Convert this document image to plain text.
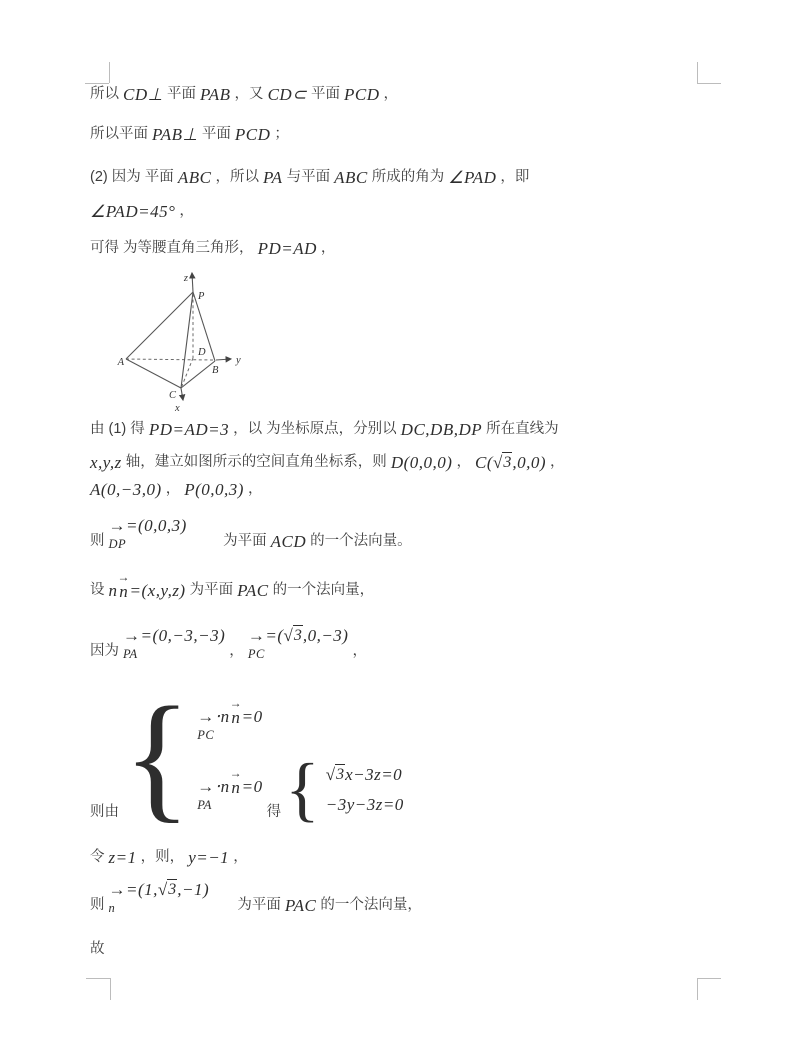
所以 CD⊥ 平面 PAB ，又 CD⊂ 平面 PCD ，
所以平面 PAB⊥ 平面 PCD ；
(2) 因为 平面 ABC ，所以 PA 与平面 ABC 所成的角为 ∠PAD ，即
∠PAD=45° ，
可得 为等腰直角三角形， PD=AD ，
z
P
A
D
B
y
C
x
由 (1) 得 PD=AD=3 ，以 为坐标原点，分别以 DC,DB,DP 所在直线为
x,y,z 轴，建立如图所示的空间直角坐标系，则 D(0,0,0) ， C( √ 3 ,0,0) ，
A(0,−3,0) ， P(0,0,3) ，
则
→=(0,0,3)
DP	为平面 ACD 的一个法向量。
设 n
→
n =(x,y,z) 为平面 PAC 的一个法向量，
因为
→=(0,−3,−3)
PA	，
→=( √ 3 ,0,−3)
PC	，
则由 { →⋅n
→
n =0
PC
→⋅n
→
n =0
PA	得 { √ 3 x−3z=0
−3y−3z=0
令 z=1 ，则， y=−1 ，
则
→=(1, √ 3 ,−1)
n	为平面 PAC 的一个法向量，
故
